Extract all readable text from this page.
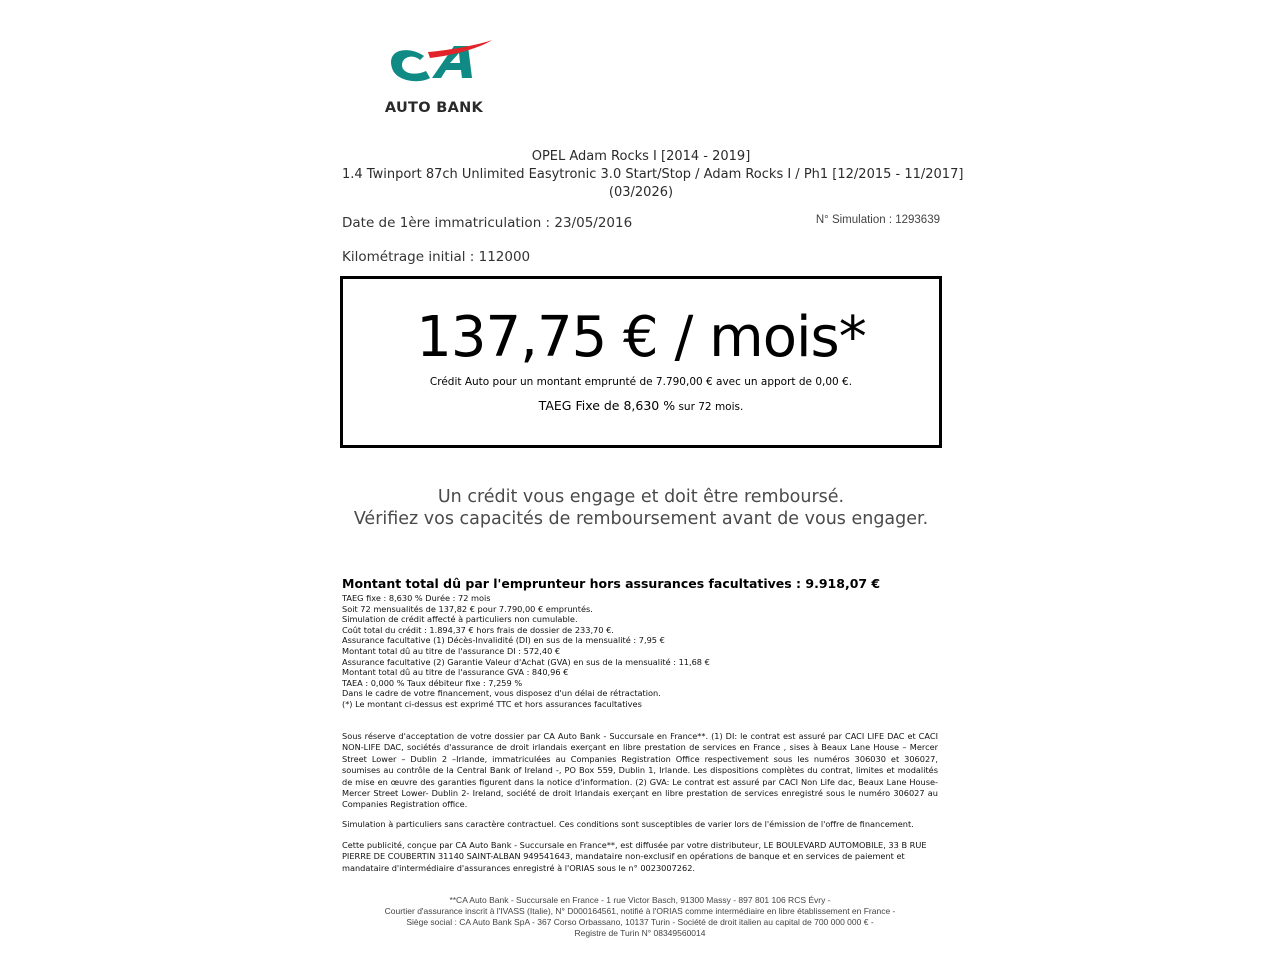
AUTO BANK
OPEL Adam Rocks I [2014 - 2019]
1.4 Twinport 87ch Unlimited Easytronic 3.0 Start/Stop / Adam Rocks I / Ph1 [12/2015 - 11/2017]
(03/2026)
Date de 1ère immatriculation : 23/05/2016	N° Simulation : 1293639
Kilométrage initial : 112000
137,75 € / mois*
Crédit Auto pour un montant emprunté de 7.790,00 € avec un apport de 0,00 €.
TAEG Fixe de 8,630 % sur 72 mois.
Un crédit vous engage et doit être remboursé.
Vérifiez vos capacités de remboursement avant de vous engager.
Montant total dû par l'emprunteur hors assurances facultatives : 9.918,07 €
TAEG fixe : 8,630 % Durée : 72 mois
Soit 72 mensualités de 137,82 € pour 7.790,00 € empruntés.
Simulation de crédit affecté à particuliers non cumulable.
Coût total du crédit : 1.894,37 € hors frais de dossier de 233,70 €.
Assurance facultative (1) Décès-Invalidité (DI) en sus de la mensualité : 7,95 €
Montant total dû au titre de l'assurance DI : 572,40 €
Assurance facultative (2) Garantie Valeur d'Achat (GVA) en sus de la mensualité : 11,68 €
Montant total dû au titre de l'assurance GVA : 840,96 €
TAEA : 0,000 % Taux débiteur fixe : 7,259 %
Dans le cadre de votre financement, vous disposez d'un délai de rétractation.
(*) Le montant ci-dessus est exprimé TTC et hors assurances facultatives
Sous réserve d'acceptation de votre dossier par CA Auto Bank - Succursale en France**. (1) DI: le contrat est assuré par CACI LIFE DAC et CACI NON-LIFE DAC, sociétés d'assurance de droit irlandais exerçant en libre prestation de services en France , sises à Beaux Lane House – Mercer Street Lower – Dublin 2 –Irlande, immatriculées au Companies Registration Office respectivement sous les numéros 306030 et 306027, soumises au contrôle de la Central Bank of Ireland -, PO Box 559, Dublin 1, Irlande. Les dispositions complètes du contrat, limites et modalités de mise en œuvre des garanties figurent dans la notice d'information. (2) GVA: Le contrat est assuré par CACI Non Life dac, Beaux Lane House- Mercer Street Lower- Dublin 2- Ireland, société de droit Irlandais exerçant en libre prestation de services enregistré sous le numéro 306027 au Companies Registration office.
Simulation à particuliers sans caractère contractuel. Ces conditions sont susceptibles de varier lors de l'émission de l'offre de financement.
Cette publicité, conçue par CA Auto Bank - Succursale en France**, est diffusée par votre distributeur, LE BOULEVARD AUTOMOBILE, 33 B RUE PIERRE DE COUBERTIN 31140 SAINT-ALBAN 949541643, mandataire non-exclusif en opérations de banque et en services de paiement et mandataire d'intermédiaire d'assurances enregistré à l'ORIAS sous le n° 0023007262.
**CA Auto Bank - Succursale en France - 1 rue Victor Basch, 91300 Massy - 897 801 106 RCS Évry -
Courtier d'assurance inscrit à l'IVASS (Italie), N° D000164561, notifié à l'ORIAS comme intermédiaire en libre établissement en France -
Siège social : CA Auto Bank SpA - 367 Corso Orbassano, 10137 Turin - Société de droit italien au capital de 700 000 000 € -
Registre de Turin N° 08349560014
